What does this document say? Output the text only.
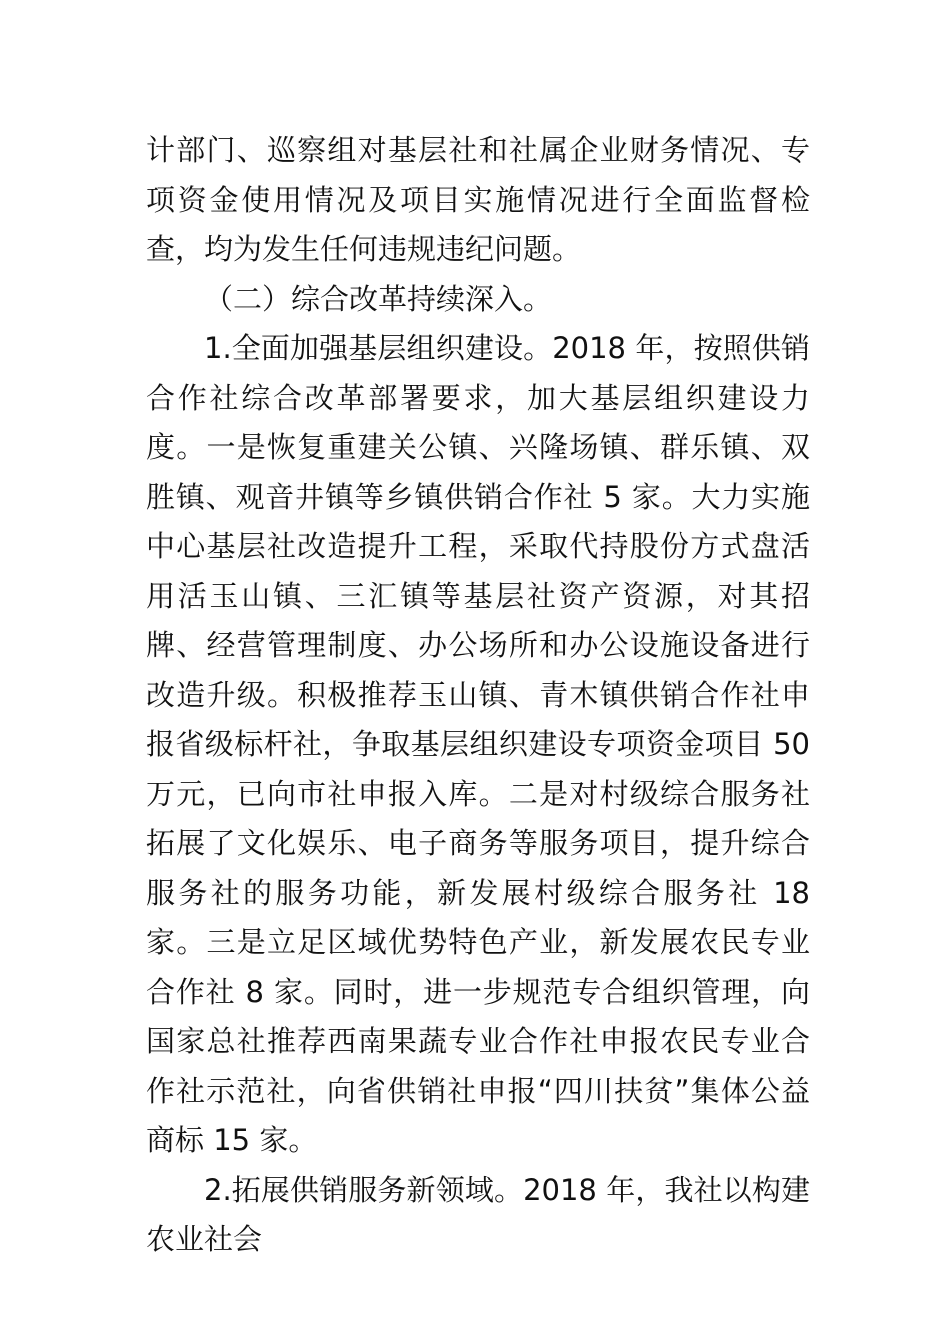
计部门、巡察组对基层社和社属企业财务情况、专项资金使用情况及项目实施情况进行全面监督检查，均为发生任何违规违纪问题。

（二）综合改革持续深入。

1.全面加强基层组织建设。2018 年，按照供销合作社综合改革部署要求，加大基层组织建设力度。一是恢复重建关公镇、兴隆场镇、群乐镇、双胜镇、观音井镇等乡镇供销合作社 5 家。大力实施中心基层社改造提升工程，采取代持股份方式盘活用活玉山镇、三汇镇等基层社资产资源，对其招牌、经营管理制度、办公场所和办公设施设备进行改造升级。积极推荐玉山镇、青木镇供销合作社申报省级标杆社，争取基层组织建设专项资金项目 50 万元，已向市社申报入库。二是对村级综合服务社拓展了文化娱乐、电子商务等服务项目，提升综合服务社的服务功能，新发展村级综合服务社 18 家。三是立足区域优势特色产业，新发展农民专业合作社 8 家。同时，进一步规范专合组织管理，向国家总社推荐西南果蔬专业合作社申报农民专业合作社示范社，向省供销社申报“四川扶贫”集体公益商标 15 家。

2.拓展供销服务新领域。2018 年，我社以构建农业社会
